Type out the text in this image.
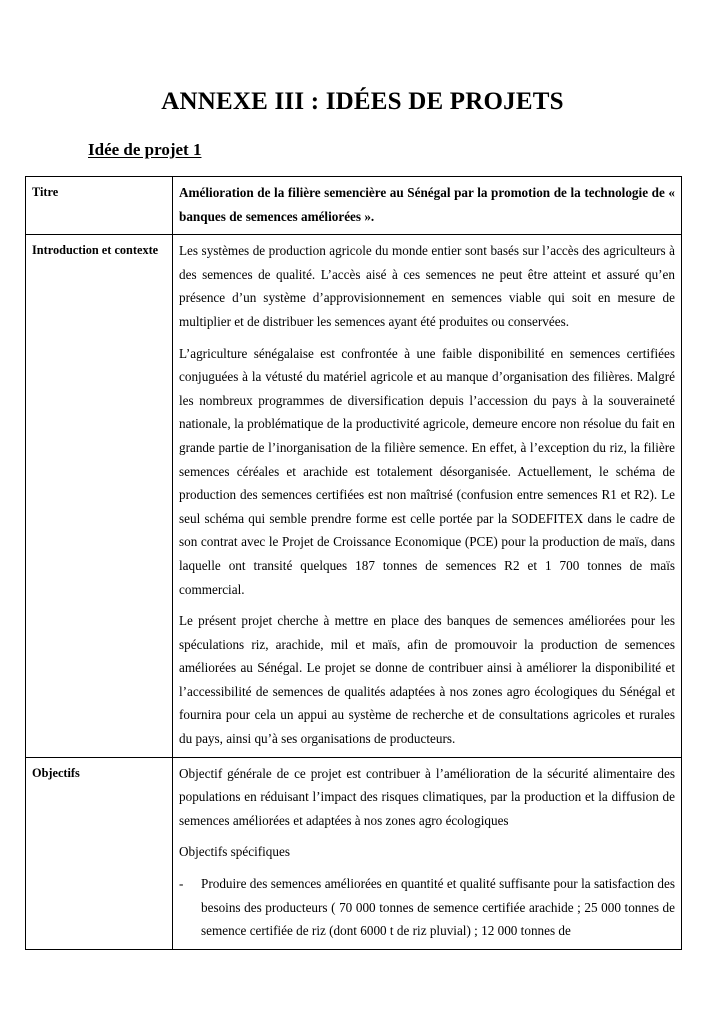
ANNEXE III : IDÉES DE PROJETS
Idée de projet 1
Titre	Amélioration de la filière semencière au Sénégal par la promotion de la technologie de « banques de semences améliorées ».
Introduction et contexte	Les systèmes de production agricole du monde entier sont basés sur l’accès des agriculteurs à des semences de qualité. L’accès aisé à ces semences ne peut être atteint et assuré qu’en présence d’un système d’approvisionnement en semences viable qui soit en mesure de multiplier et de distribuer les semences ayant été produites ou conservées.

L’agriculture sénégalaise est confrontée à une faible disponibilité en semences certifiées conjuguées à la vétusté du matériel agricole et au manque d’organisation des filières. Malgré les nombreux programmes de diversification depuis l’accession du pays à la souveraineté nationale, la problématique de la productivité agricole, demeure encore non résolue du fait en grande partie de l’inorganisation de la filière semence. En effet, à l’exception du riz, la filière semences céréales et arachide est totalement désorganisée. Actuellement, le schéma de production des semences certifiées est non maîtrisé (confusion entre semences R1 et R2). Le seul schéma qui semble prendre forme est celle portée par la SODEFITEX dans le cadre de son contrat avec le Projet de Croissance Economique (PCE) pour la production de maïs, dans laquelle ont transité quelques 187 tonnes de semences R2 et 1 700 tonnes de maïs commercial.

Le présent projet cherche à mettre en place des banques de semences améliorées pour les spéculations riz, arachide, mil et maïs, afin de promouvoir la production de semences améliorées au Sénégal. Le projet se donne de contribuer ainsi à améliorer la disponibilité et l’accessibilité de semences de qualités adaptées à nos zones agro écologiques du Sénégal et fournira pour cela un appui au système de recherche et de consultations agricoles et rurales du pays, ainsi qu’à ses organisations de producteurs.

Objectifs	Objectif générale de ce projet est contribuer à l’amélioration de la sécurité alimentaire des populations en réduisant l’impact des risques climatiques, par la production et la diffusion de semences améliorées et adaptées à nos zones agro écologiques

Objectifs spécifiques

- Produire des semences améliorées en quantité et qualité suffisante pour la satisfaction des besoins des producteurs ( 70 000 tonnes de semence certifiée arachide ; 25 000 tonnes de semence certifiée de riz (dont 6000 t de riz pluvial) ; 12 000 tonnes de
